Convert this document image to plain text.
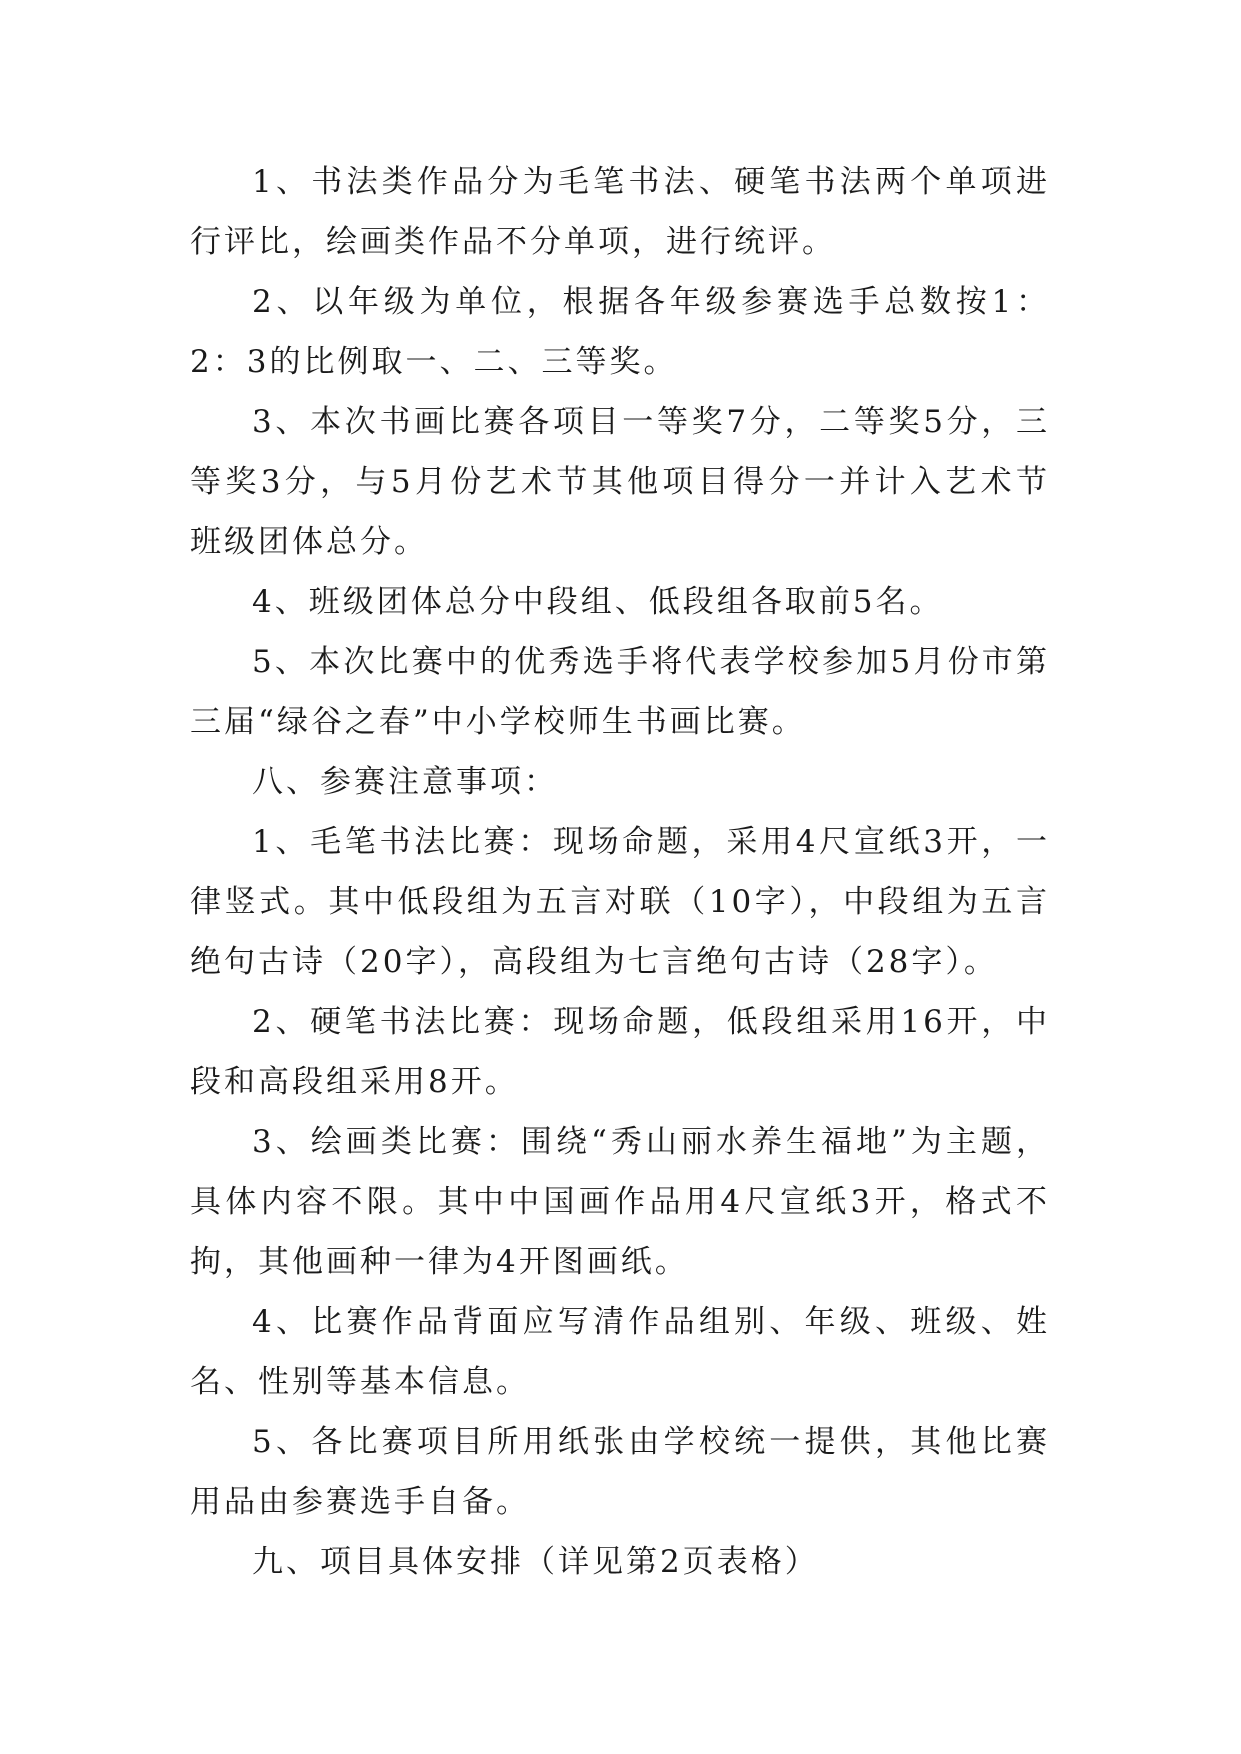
1、书法类作品分为毛笔书法、硬笔书法两个单项进行评比，绘画类作品不分单项，进行统评。

2、以年级为单位，根据各年级参赛选手总数按1：2：3的比例取一、二、三等奖。

3、本次书画比赛各项目一等奖7分，二等奖5分，三等奖3分，与5月份艺术节其他项目得分一并计入艺术节班级团体总分。

4、班级团体总分中段组、低段组各取前5名。

5、本次比赛中的优秀选手将代表学校参加5月份市第三届“绿谷之春”中小学校师生书画比赛。

八、参赛注意事项：

1、毛笔书法比赛：现场命题，采用4尺宣纸3开，一律竖式。其中低段组为五言对联（10字），中段组为五言绝句古诗（20字），高段组为七言绝句古诗（28字）。

2、硬笔书法比赛：现场命题，低段组采用16开，中段和高段组采用8开。

3、绘画类比赛：围绕“秀山丽水养生福地”为主题，具体内容不限。其中中国画作品用4尺宣纸3开，格式不拘，其他画种一律为4开图画纸。

4、比赛作品背面应写清作品组别、年级、班级、姓名、性别等基本信息。

5、各比赛项目所用纸张由学校统一提供，其他比赛用品由参赛选手自备。

九、项目具体安排（详见第2页表格）
